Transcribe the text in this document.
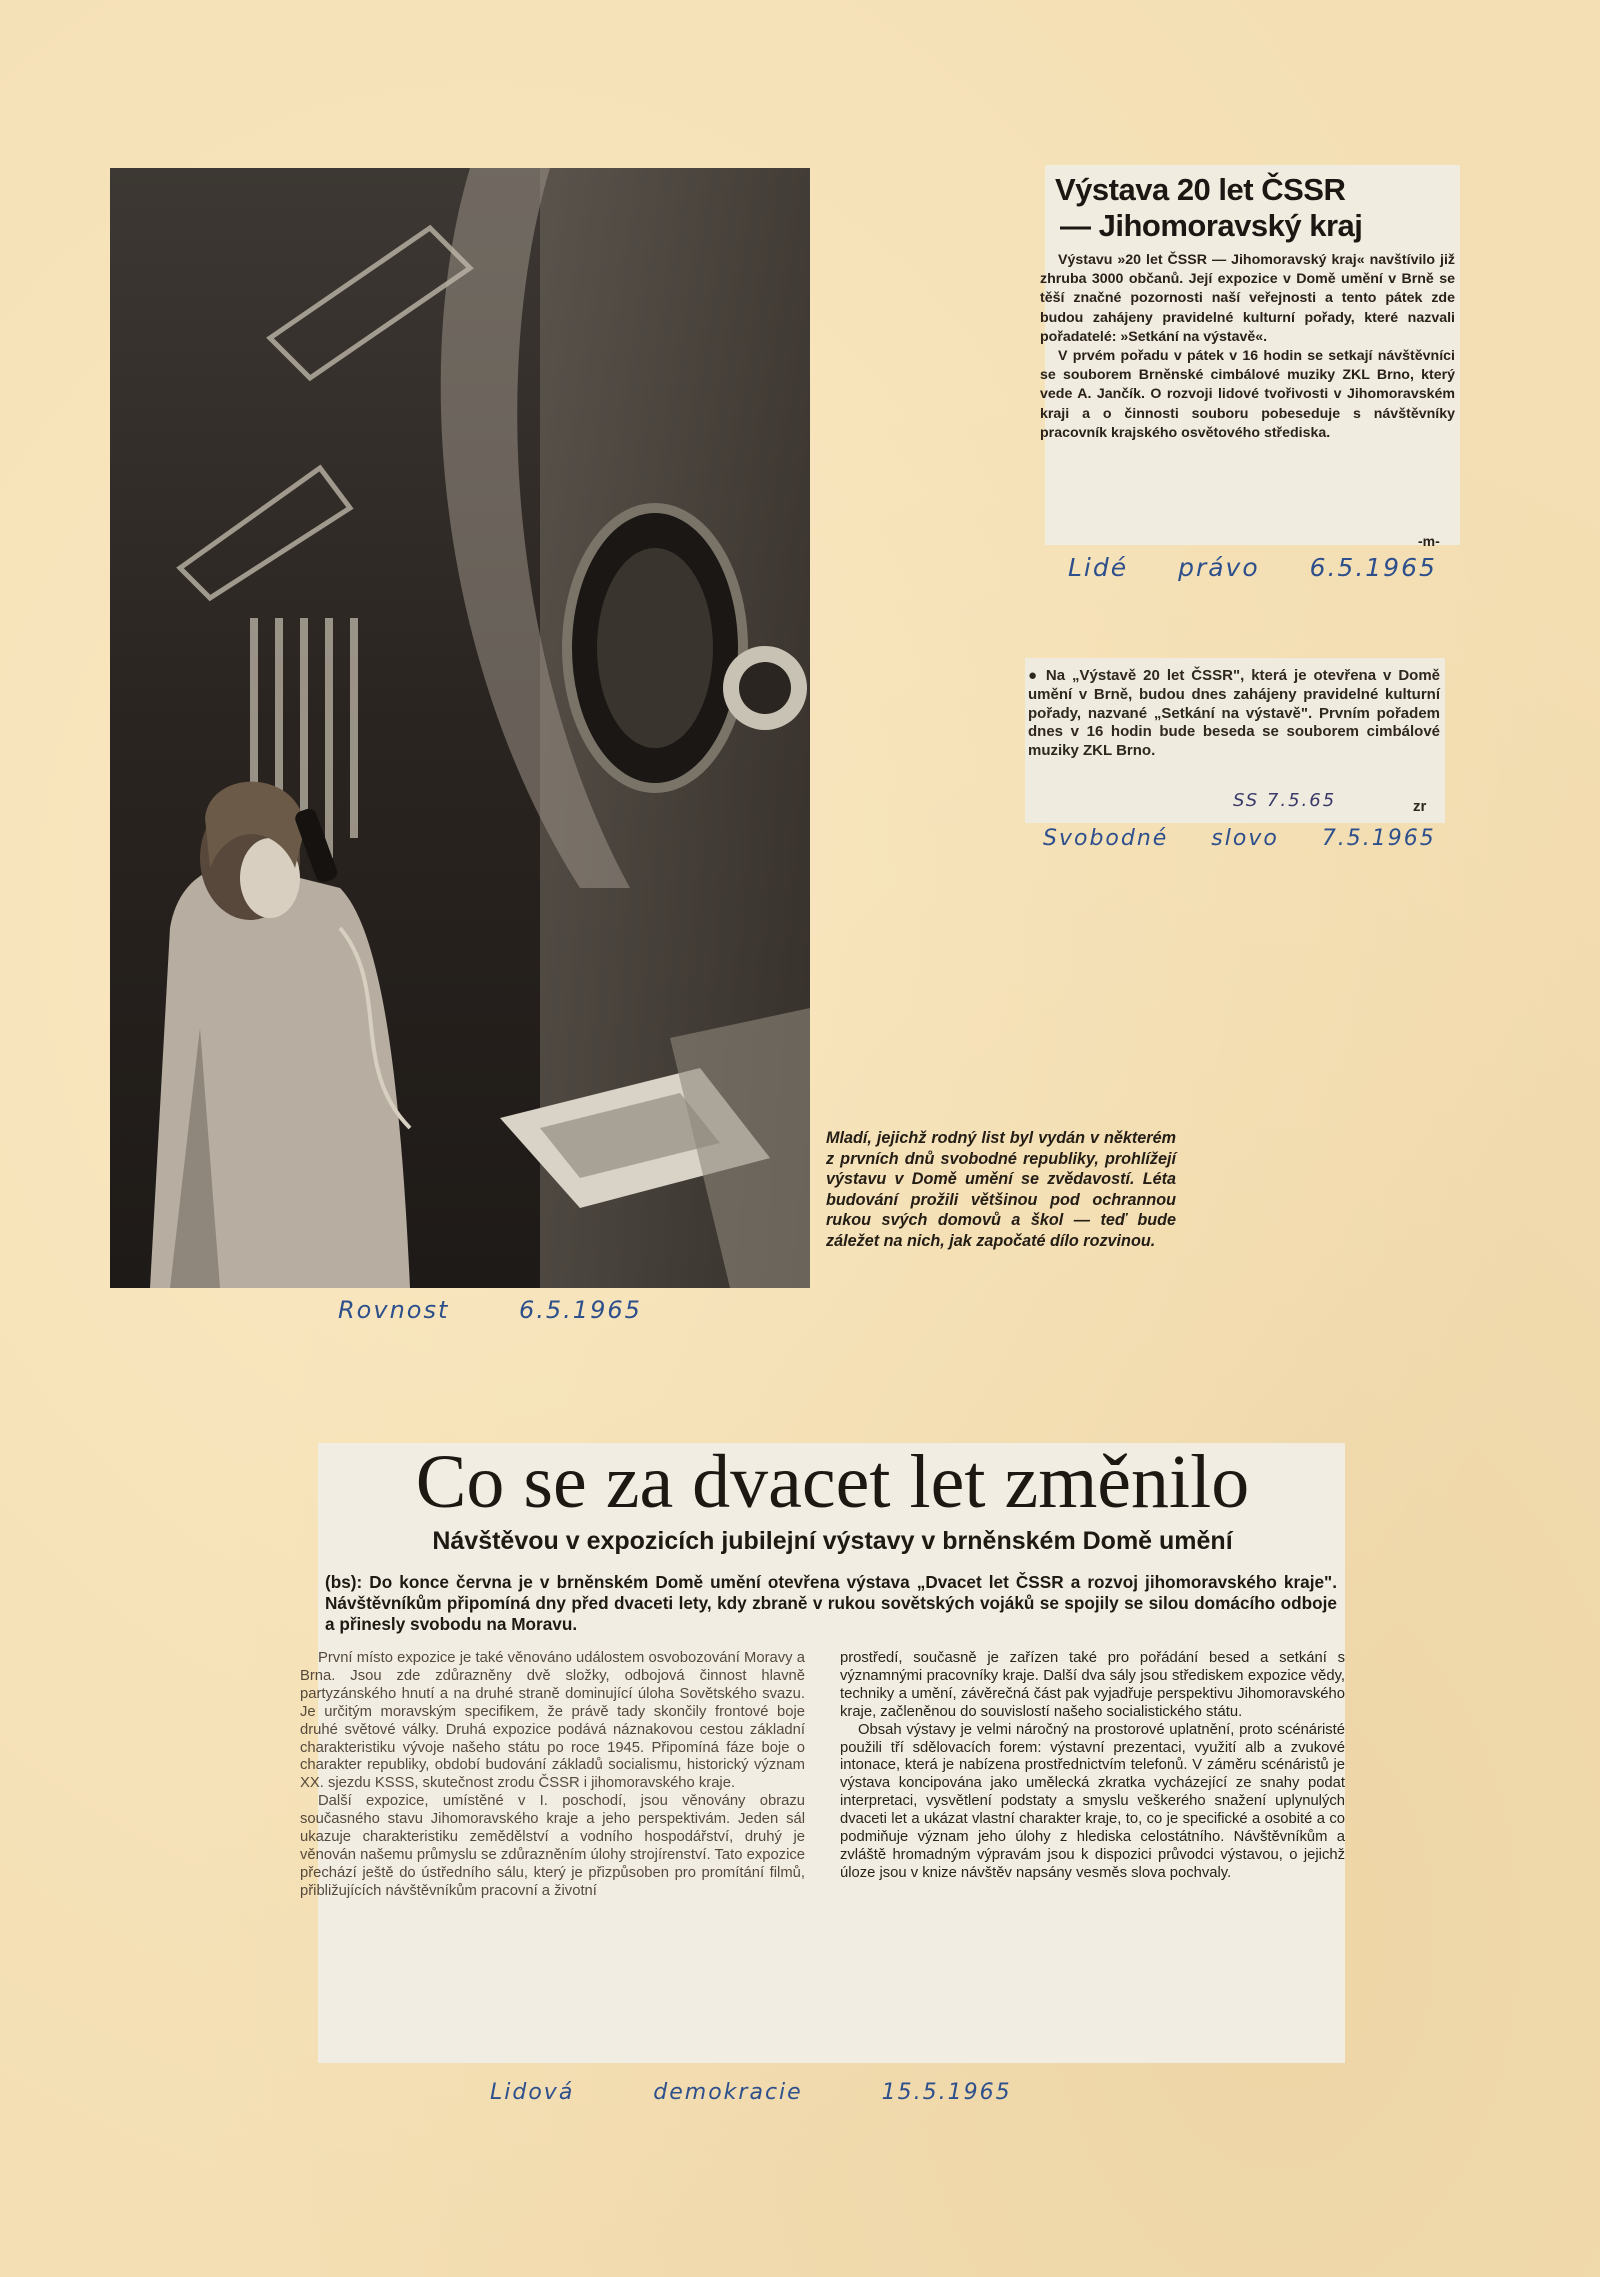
Výstava 20 let ČSSR
— Jihomoravský kraj

Výstavu »20 let ČSSR — Jihomoravský kraj« navštívilo již zhruba 3000 občanů. Její expozice v Domě umění v Brně se těší značné pozornosti naší veřejnosti a tento pátek zde budou zahájeny pravidelné kulturní pořady, které nazvali pořadatelé: »Setkání na výstavě«.

V prvém pořadu v pátek v 16 hodin se setkají návštěvníci se souborem Brněnské cimbálové muziky ZKL Brno, který vede A. Jančík. O rozvoji lidové tvořivosti v Jihomoravském kraji a o činnosti souboru pobeseduje s návštěvníky pracovník krajského osvětového střediska.

-m-
Lidé právo 6.5.1965
● Na „Výstavě 20 let ČSSR", která je otevřena v Domě umění v Brně, budou dnes zahájeny pravidelné kulturní pořady, nazvané „Setkání na výstavě". Prvním pořadem dnes v 16 hodin bude beseda se souborem cimbálové muziky ZKL Brno.
SS 7.5.65	zr
Svobodné slovo 7.5.1965
Mladí, jejichž rodný list byl vydán v některém z prvních dnů svobodné republiky, prohlížejí výstavu v Domě umění se zvědavostí. Léta budování prožili většinou pod ochrannou rukou svých domovů a škol — teď bude záležet na nich, jak započaté dílo rozvinou.
Rovnost 6.5.1965
Co se za dvacet let změnilo
Návštěvou v expozicích jubilejní výstavy v brněnském Domě umění
(bs): Do konce června je v brněnském Domě umění otevřena výstava „Dvacet let ČSSR a rozvoj jihomoravského kraje". Návštěvníkům připomíná dny před dvaceti lety, kdy zbraně v rukou sovětských vojáků se spojily se silou domácího odboje a přinesly svobodu na Moravu.

První místo expozice je také věnováno událostem osvobozování Moravy a Brna. Jsou zde zdůrazněny dvě složky, odbojová činnost hlavně partyzánského hnutí a na druhé straně dominující úloha Sovětského svazu. Je určitým moravským specifikem, že právě tady skončily frontové boje druhé světové války. Druhá expozice podává náznakovou cestou základní charakteristiku vývoje našeho státu po roce 1945. Připomíná fáze boje o charakter republiky, období budování základů socialismu, historický význam XX. sjezdu KSSS, skutečnost zrodu ČSSR i jihomoravského kraje.

Další expozice, umístěné v I. poschodí, jsou věnovány obrazu současného stavu Jihomoravského kraje a jeho perspektivám. Jeden sál ukazuje charakteristiku zemědělství a vodního hospodářství, druhý je věnován našemu průmyslu se zdůrazněním úlohy strojírenství. Tato expozice přechází ještě do ústředního sálu, který je přizpůsoben pro promítání filmů, přibližujících návštěvníkům pracovní a životní

prostředí, současně je zařízen také pro pořádání besed a setkání s významnými pracovníky kraje. Další dva sály jsou střediskem expozice vědy, techniky a umění, závěrečná část pak vyjadřuje perspektivu Jihomoravského kraje, začleněnou do souvislostí našeho socialistického státu.

Obsah výstavy je velmi náročný na prostorové uplatnění, proto scénáristé použili tří sdělovacích forem: výstavní prezentaci, využití alb a zvukové intonace, která je nabízena prostřednictvím telefonů. V záměru scénáristů je výstava koncipována jako umělecká zkratka vycházející ze snahy podat interpretaci, vysvětlení podstaty a smyslu veškerého snažení uplynulých dvaceti let a ukázat vlastní charakter kraje, to, co je specifické a osobité a co podmiňuje význam jeho úlohy z hlediska celostátního. Návštěvníkům a zvláště hromadným výpravám jsou k dispozici průvodci výstavou, o jejichž úloze jsou v knize návštěv napsány vesměs slova pochvaly.

Lidová demokracie 15.5.1965
